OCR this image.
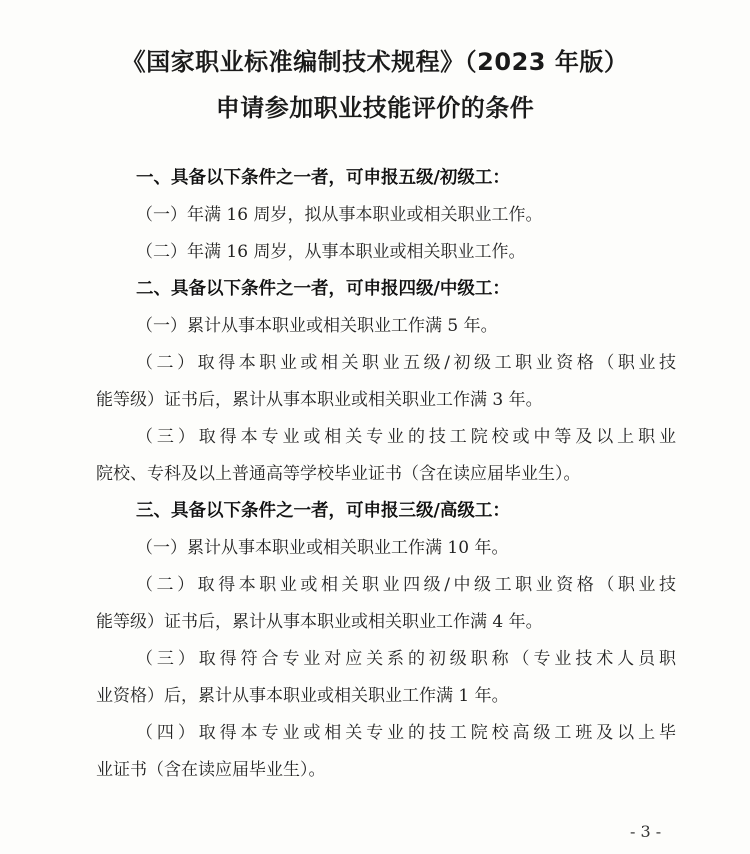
《国家职业标准编制技术规程》（2023 年版）
申请参加职业技能评价的条件
一、具备以下条件之一者，可申报五级/初级工：
（一）年满 16 周岁，拟从事本职业或相关职业工作。
（二）年满 16 周岁，从事本职业或相关职业工作。
二、具备以下条件之一者，可申报四级/中级工：
（一）累计从事本职业或相关职业工作满 5 年。
（二）取得本职业或相关职业五级/初级工职业资格（职业技
能等级）证书后，累计从事本职业或相关职业工作满 3 年。
（三）取得本专业或相关专业的技工院校或中等及以上职业
院校、专科及以上普通高等学校毕业证书（含在读应届毕业生）。
三、具备以下条件之一者，可申报三级/高级工：
（一）累计从事本职业或相关职业工作满 10 年。
（二）取得本职业或相关职业四级/中级工职业资格（职业技
能等级）证书后，累计从事本职业或相关职业工作满 4 年。
（三）取得符合专业对应关系的初级职称（专业技术人员职
业资格）后，累计从事本职业或相关职业工作满 1 年。
（四）取得本专业或相关专业的技工院校高级工班及以上毕
业证书（含在读应届毕业生）。
- 3 -
